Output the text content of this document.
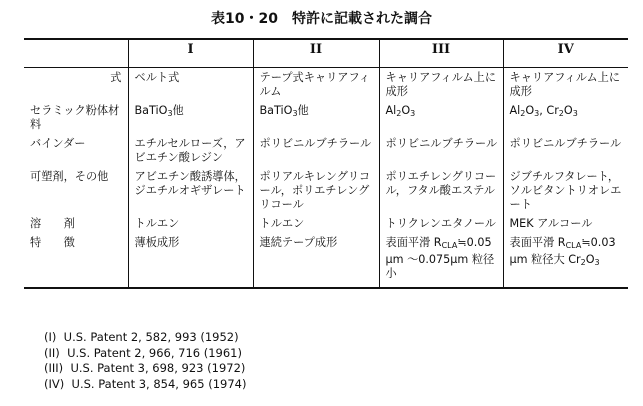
表10・20　特許に記載された調合
	I	II	III	IV
式	ベルト式	テープ式キャリアフィルム	キャリアフィルム上に成形	キャリアフィルム上に成形
セラミック粉体材料	BaTiO$_3$他	BaTiO$_3$他	$Al_2O_3$	$Al_2O_3$, $Cr_2O_3$
バインダー	エチルセルローズ，アビエチン酸レジン	ポリビニルブチラール	ポリビニルブチラール	ポリビニルブチラール
可塑剤，その他	アビエチン酸誘導体，ジエチルオギザレート	ポリアルキレングリコール，ポリエチレングリコール	ポリエチレングリコール，フタル酸エステル	ジブチルフタレート，ソルビタントリオレエート
溶　　剤	トルエン	トルエン	トリクレンエタノール	MEK アルコール
特　　徴	薄板成形	連続テープ成形	表面平滑 $R_{CLA}≒0.05$ μm 〜0.075μm 粒径小	表面平滑 $R_{CLA}≒0.03$ μm 粒径大 $Cr_2O_3$
(I)  U.S. Patent 2, 582, 993 (1952)
(II)  U.S. Patent 2, 966, 716 (1961)
(III)  U.S. Patent 3, 698, 923 (1972)
(IV)  U.S. Patent 3, 854, 965 (1974)
